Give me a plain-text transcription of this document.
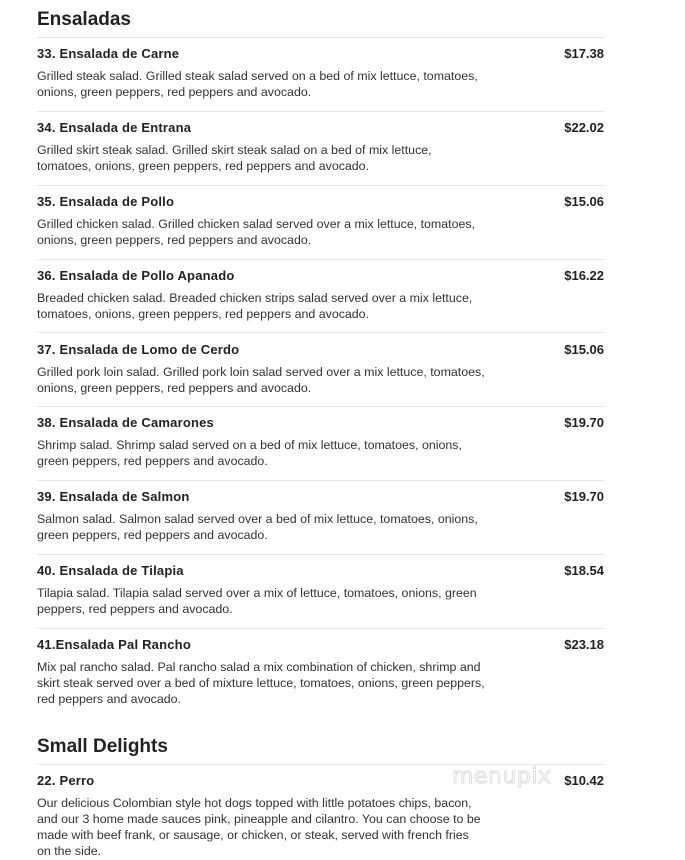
Ensaladas
33. Ensalada de Carne	$17.38
Grilled steak salad. Grilled steak salad served on a bed of mix lettuce, tomatoes, onions, green peppers, red peppers and avocado.
34. Ensalada de Entrana	$22.02
Grilled skirt steak salad. Grilled skirt steak salad on a bed of mix lettuce, tomatoes, onions, green peppers, red peppers and avocado.
35. Ensalada de Pollo	$15.06
Grilled chicken salad. Grilled chicken salad served over a mix lettuce, tomatoes, onions, green peppers, red peppers and avocado.
36. Ensalada de Pollo Apanado	$16.22
Breaded chicken salad. Breaded chicken strips salad served over a mix lettuce, tomatoes, onions, green peppers, red peppers and avocado.
37. Ensalada de Lomo de Cerdo	$15.06
Grilled pork loin salad. Grilled pork loin salad served over a mix lettuce, tomatoes, onions, green peppers, red peppers and avocado.
38. Ensalada de Camarones	$19.70
Shrimp salad. Shrimp salad served on a bed of mix lettuce, tomatoes, onions, green peppers, red peppers and avocado.
39. Ensalada de Salmon	$19.70
Salmon salad. Salmon salad served over a bed of mix lettuce, tomatoes, onions, green peppers, red peppers and avocado.
40. Ensalada de Tilapia	$18.54
Tilapia salad. Tilapia salad served over a mix of lettuce, tomatoes, onions, green peppers, red peppers and avocado.
41.Ensalada Pal Rancho	$23.18
Mix pal rancho salad. Pal rancho salad a mix combination of chicken, shrimp and skirt steak served over a bed of mixture lettuce, tomatoes, onions, green peppers, red peppers and avocado.
Small Delights
menupix
22. Perro	$10.42
Our delicious Colombian style hot dogs topped with little potatoes chips, bacon, and our 3 home made sauces pink, pineapple and cilantro. You can choose to be made with beef frank, or sausage, or chicken, or steak, served with french fries on the side.
